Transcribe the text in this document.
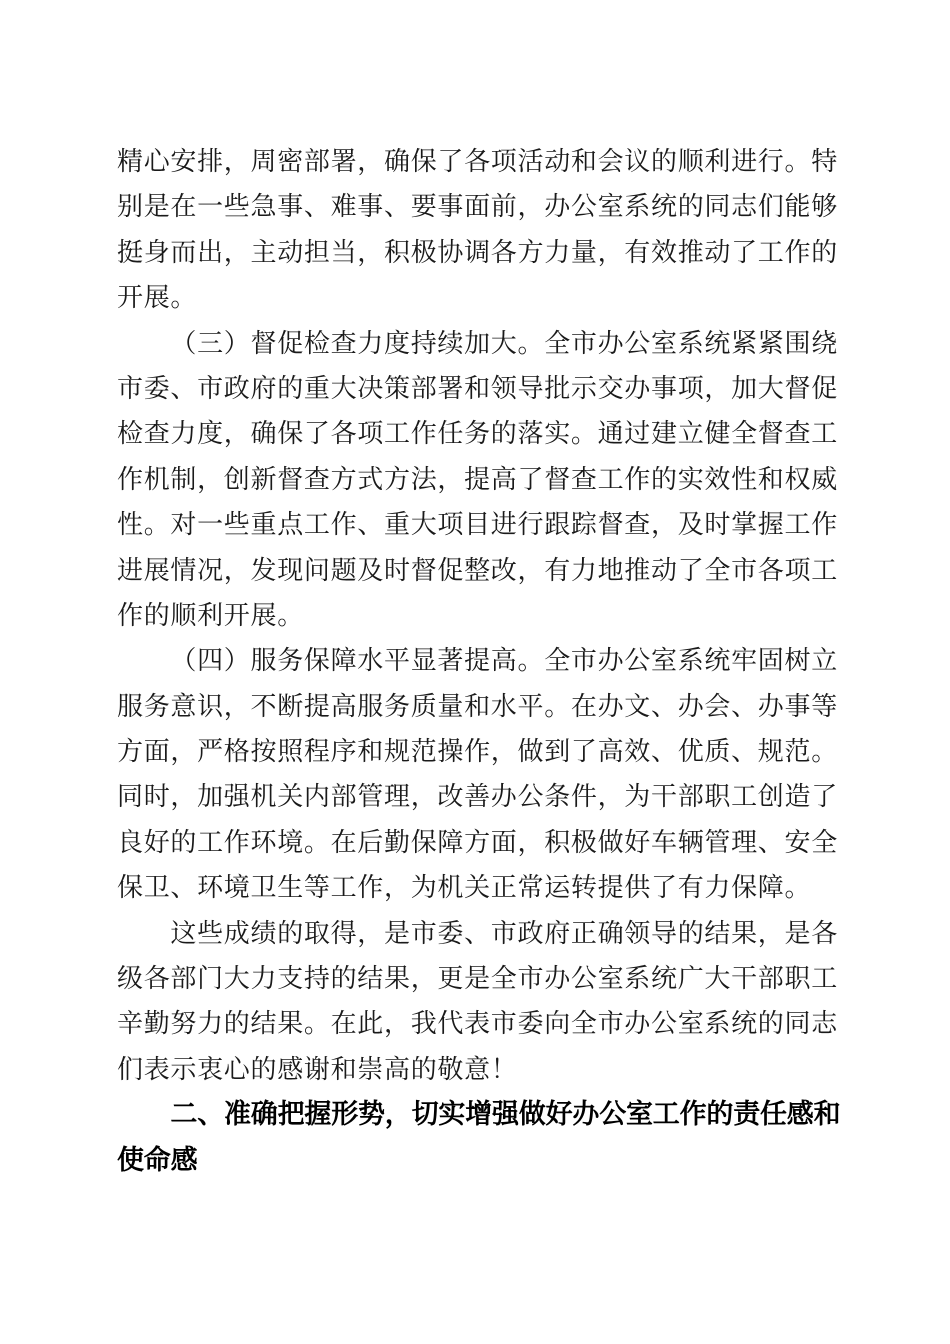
精心安排，周密部署，确保了各项活动和会议的顺利进行。特
别是在一些急事、难事、要事面前，办公室系统的同志们能够
挺身而出，主动担当，积极协调各方力量，有效推动了工作的
开展。
（三）督促检查力度持续加大。全市办公室系统紧紧围绕
市委、市政府的重大决策部署和领导批示交办事项，加大督促
检查力度，确保了各项工作任务的落实。通过建立健全督查工
作机制，创新督查方式方法，提高了督查工作的实效性和权威
性。对一些重点工作、重大项目进行跟踪督查，及时掌握工作
进展情况，发现问题及时督促整改，有力地推动了全市各项工
作的顺利开展。
（四）服务保障水平显著提高。全市办公室系统牢固树立
服务意识，不断提高服务质量和水平。在办文、办会、办事等
方面，严格按照程序和规范操作，做到了高效、优质、规范。
同时，加强机关内部管理，改善办公条件，为干部职工创造了
良好的工作环境。在后勤保障方面，积极做好车辆管理、安全
保卫、环境卫生等工作，为机关正常运转提供了有力保障。
这些成绩的取得，是市委、市政府正确领导的结果，是各
级各部门大力支持的结果，更是全市办公室系统广大干部职工
辛勤努力的结果。在此，我代表市委向全市办公室系统的同志
们表示衷心的感谢和崇高的敬意！
二、准确把握形势，切实增强做好办公室工作的责任感和
使命感
